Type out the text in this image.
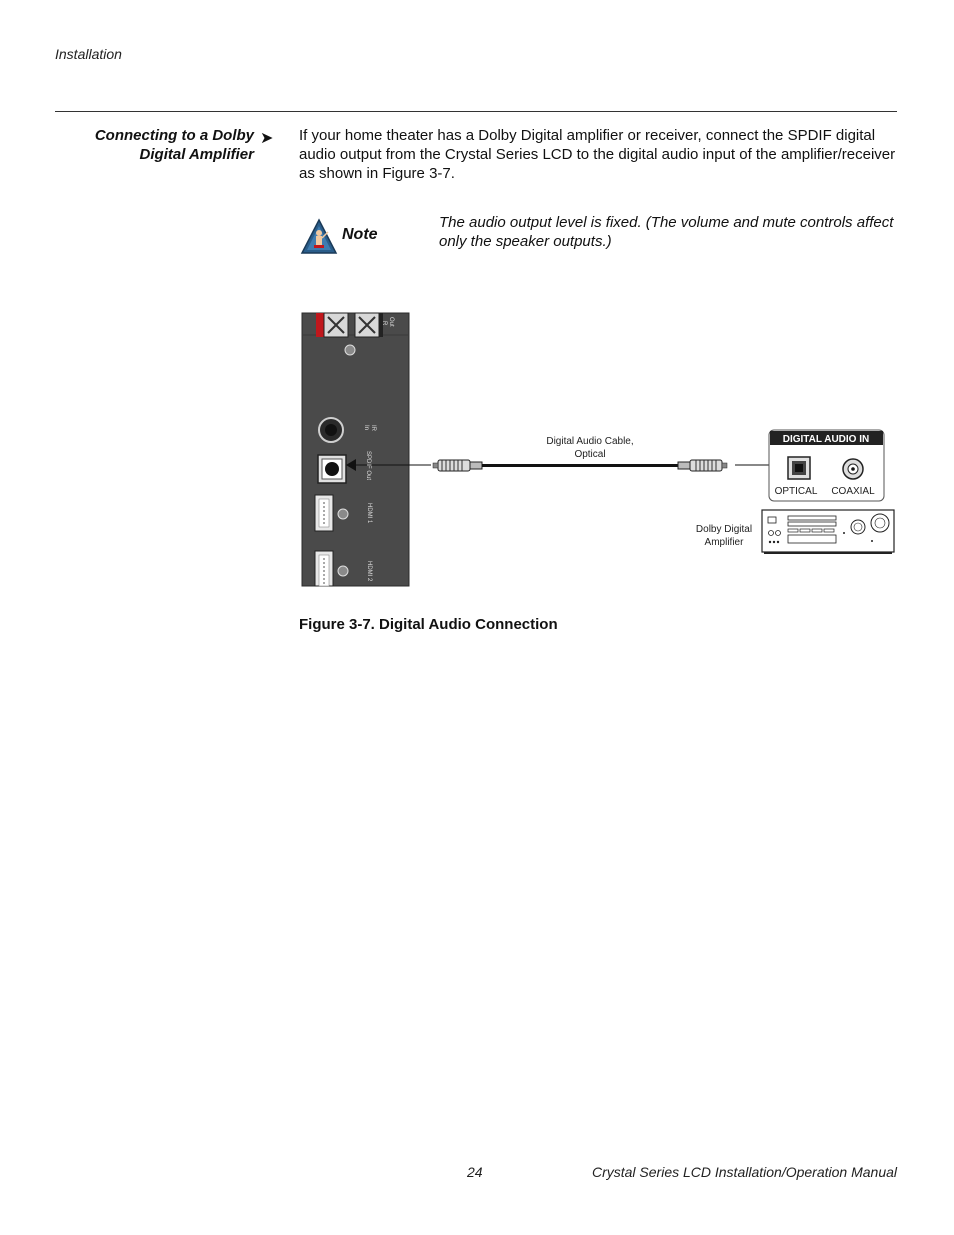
Installation
Connecting to a Dolby
Digital Amplifier
➤ If your home theater has a Dolby Digital amplifier or receiver, connect the SPDIF digital audio output from the Crystal Series LCD to the digital audio input of the amplifier/receiver as shown in Figure 3-7.
Note
The audio output level is fixed. (The volume and mute controls affect only the speaker outputs.)
Out
R
IR
In
SPDIF Out
HDMI 1
HDMI 2
Digital Audio Cable,
Optical
DIGITAL AUDIO IN
OPTICAL COAXIAL
Dolby Digital
Amplifier
Figure 3-7. Digital Audio Connection
24	Crystal Series LCD Installation/Operation Manual
